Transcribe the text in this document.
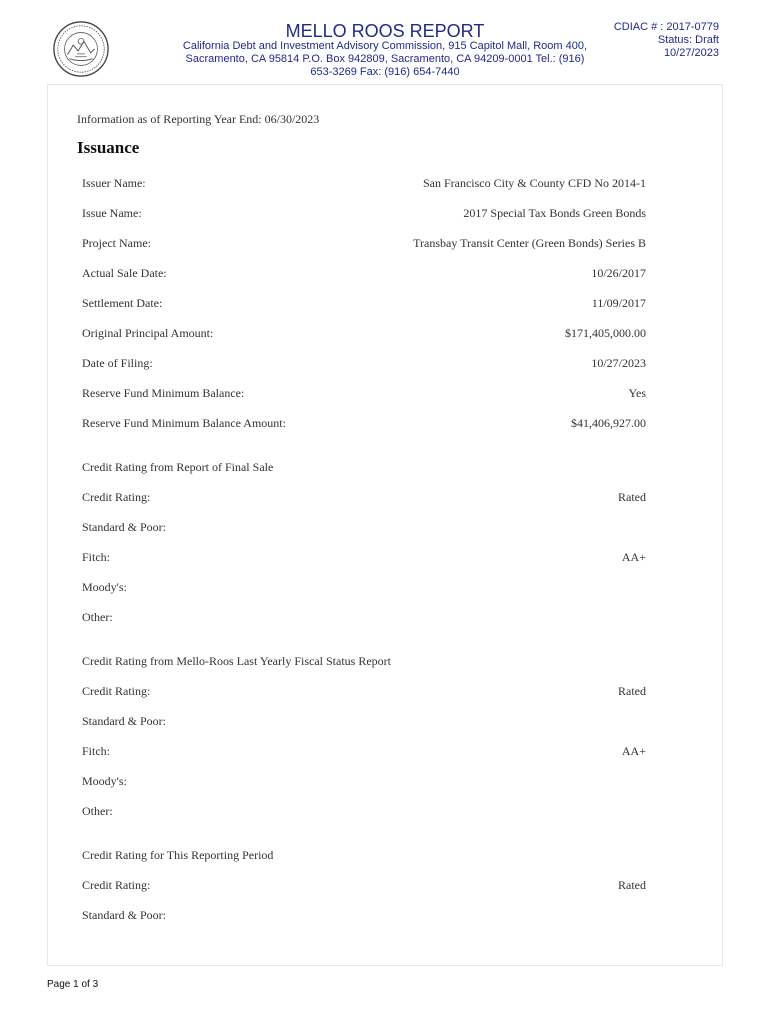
MELLO ROOS REPORT
California Debt and Investment Advisory Commission, 915 Capitol Mall, Room 400, Sacramento, CA 95814 P.O. Box 942809, Sacramento, CA 94209-0001 Tel.: (916) 653-3269 Fax: (916) 654-7440
CDIAC # : 2017-0779
Status: Draft
10/27/2023
Information as of Reporting Year End: 06/30/2023
Issuance
Issuer Name:	San Francisco City & County CFD No 2014-1
Issue Name:	2017 Special Tax Bonds Green Bonds
Project Name:	Transbay Transit Center (Green Bonds) Series B
Actual Sale Date:	10/26/2017
Settlement Date:	11/09/2017
Original Principal Amount:	$171,405,000.00
Date of Filing:	10/27/2023
Reserve Fund Minimum Balance:	Yes
Reserve Fund Minimum Balance Amount:	$41,406,927.00
Credit Rating from Report of Final Sale
Credit Rating:	Rated
Standard & Poor:
Fitch:	AA+
Moody's:
Other:
Credit Rating from Mello-Roos Last Yearly Fiscal Status Report
Credit Rating:	Rated
Standard & Poor:
Fitch:	AA+
Moody's:
Other:
Credit Rating for This Reporting Period
Credit Rating:	Rated
Standard & Poor:
Page 1 of 3
